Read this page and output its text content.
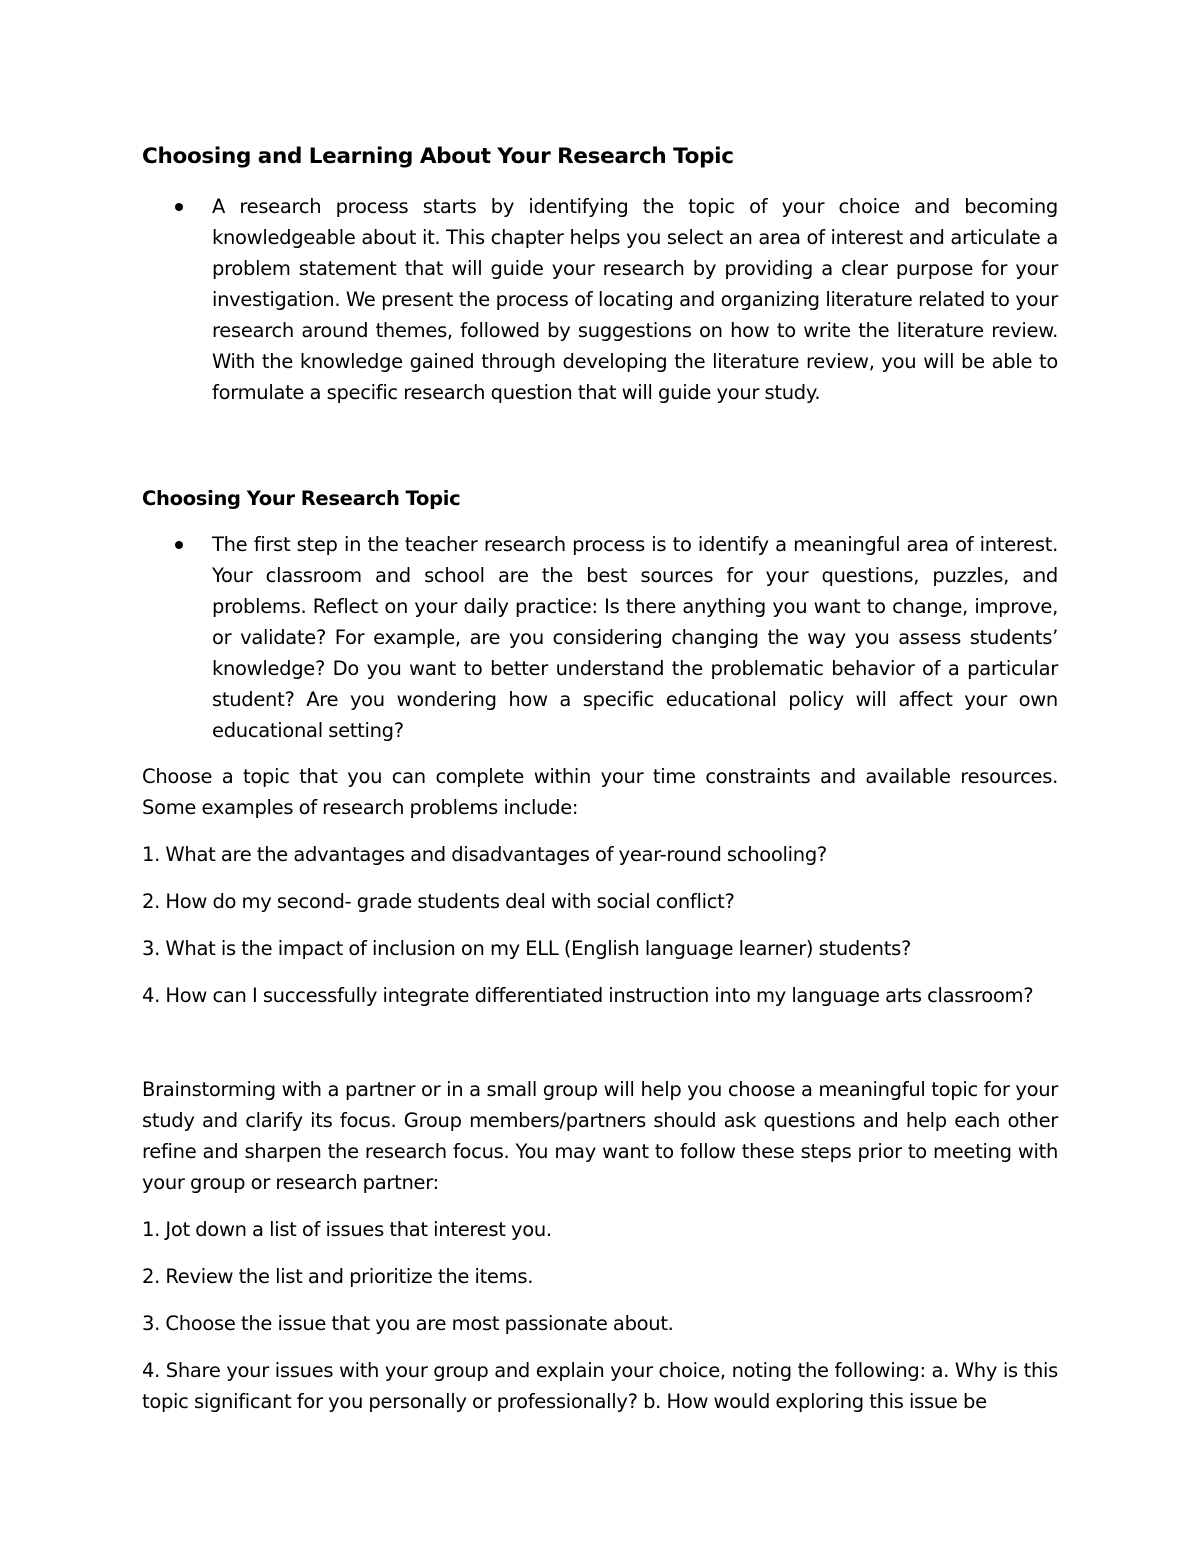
Choosing and Learning About Your Research Topic
A research process starts by identifying the topic of your choice and becoming knowledgeable about it. This chapter helps you select an area of interest and articulate a problem statement that will guide your research by providing a clear purpose for your investigation. We present the process of locating and organizing literature related to your research around themes, followed by suggestions on how to write the literature review. With the knowledge gained through developing the literature review, you will be able to formulate a specific research question that will guide your study.
Choosing Your Research Topic
The first step in the teacher research process is to identify a meaningful area of interest. Your classroom and school are the best sources for your questions, puzzles, and problems. Reflect on your daily practice: Is there anything you want to change, improve, or validate? For example, are you considering changing the way you assess students’ knowledge? Do you want to better understand the problematic behavior of a particular student? Are you wondering how a specific educational policy will affect your own educational setting?

Choose a topic that you can complete within your time constraints and available resources. Some examples of research problems include:

1. What are the advantages and disadvantages of year-round schooling?

2. How do my second- grade students deal with social conflict?

3. What is the impact of inclusion on my ELL (English language learner) students?

4. How can I successfully integrate differentiated instruction into my language arts classroom?

Brainstorming with a partner or in a small group will help you choose a meaningful topic for your study and clarify its focus. Group members/partners should ask questions and help each other refine and sharpen the research focus. You may want to follow these steps prior to meeting with your group or research partner:

1. Jot down a list of issues that interest you.

2. Review the list and prioritize the items.

3. Choose the issue that you are most passionate about.

4. Share your issues with your group and explain your choice, noting the following: a. Why is this topic significant for you personally or professionally? b. How would exploring this issue be
